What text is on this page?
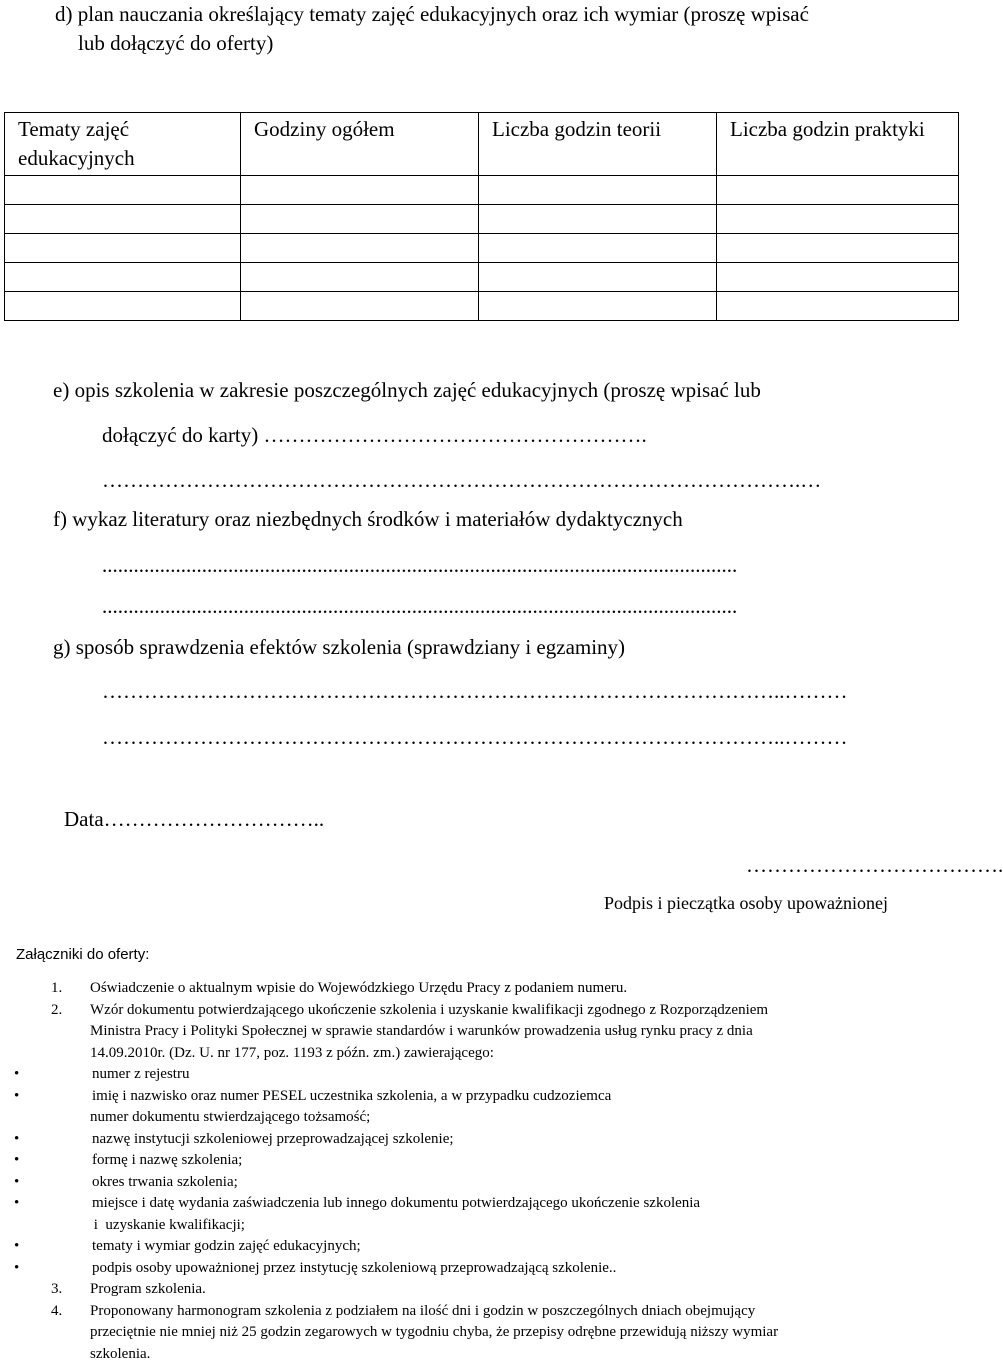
d) plan nauczania określający tematy zajęć edukacyjnych oraz ich wymiar (proszę wpisać
lub dołączyć do oferty)
Tematy zajęć edukacyjnych	Godziny ogółem	Liczba godzin teorii	Liczba godzin praktyki

e) opis szkolenia w zakresie poszczególnych zajęć edukacyjnych (proszę wpisać lub
dołączyć do karty) ……………………………………………….
……………………………………………………………………………………….…
f) wykaz literatury oraz niezbędnych środków i materiałów dydaktycznych
.........................................................................................................................
.........................................................................................................................
g) sposób sprawdzenia efektów szkolenia (sprawdziany i egzaminy)
……………………………………………………………………………………..………
……………………………………………………………………………………..………
Data…………………………..
……………………………….
Podpis i pieczątka osoby upoważnionej
Załączniki do oferty:
1. Oświadczenie o aktualnym wpisie do Wojewódzkiego Urzędu Pracy z podaniem numeru.
2. Wzór dokumentu potwierdzającego ukończenie szkolenia i uzyskanie kwalifikacji zgodnego z Rozporządzeniem
Ministra Pracy i Polityki Społecznej w sprawie standardów i warunków prowadzenia usług rynku pracy z dnia
14.09.2010r. (Dz. U. nr 177, poz. 1193 z późn. zm.) zawierającego:
•	numer z rejestru
•	imię i nazwisko oraz numer PESEL uczestnika szkolenia, a w przypadku cudzoziemca
numer dokumentu stwierdzającego tożsamość;
•	nazwę instytucji szkoleniowej przeprowadzającej szkolenie;
•	formę i nazwę szkolenia;
•	okres trwania szkolenia;
•	miejsce i datę wydania zaświadczenia lub innego dokumentu potwierdzającego ukończenie szkolenia
i  uzyskanie kwalifikacji;
•	tematy i wymiar godzin zajęć edukacyjnych;
•	podpis osoby upoważnionej przez instytucję szkoleniową przeprowadzającą szkolenie..
3. Program szkolenia.
4. Proponowany harmonogram szkolenia z podziałem na ilość dni i godzin w poszczególnych dniach obejmujący
przeciętnie nie mniej niż 25 godzin zegarowych w tygodniu chyba, że przepisy odrębne przewidują niższy wymiar
szkolenia.
